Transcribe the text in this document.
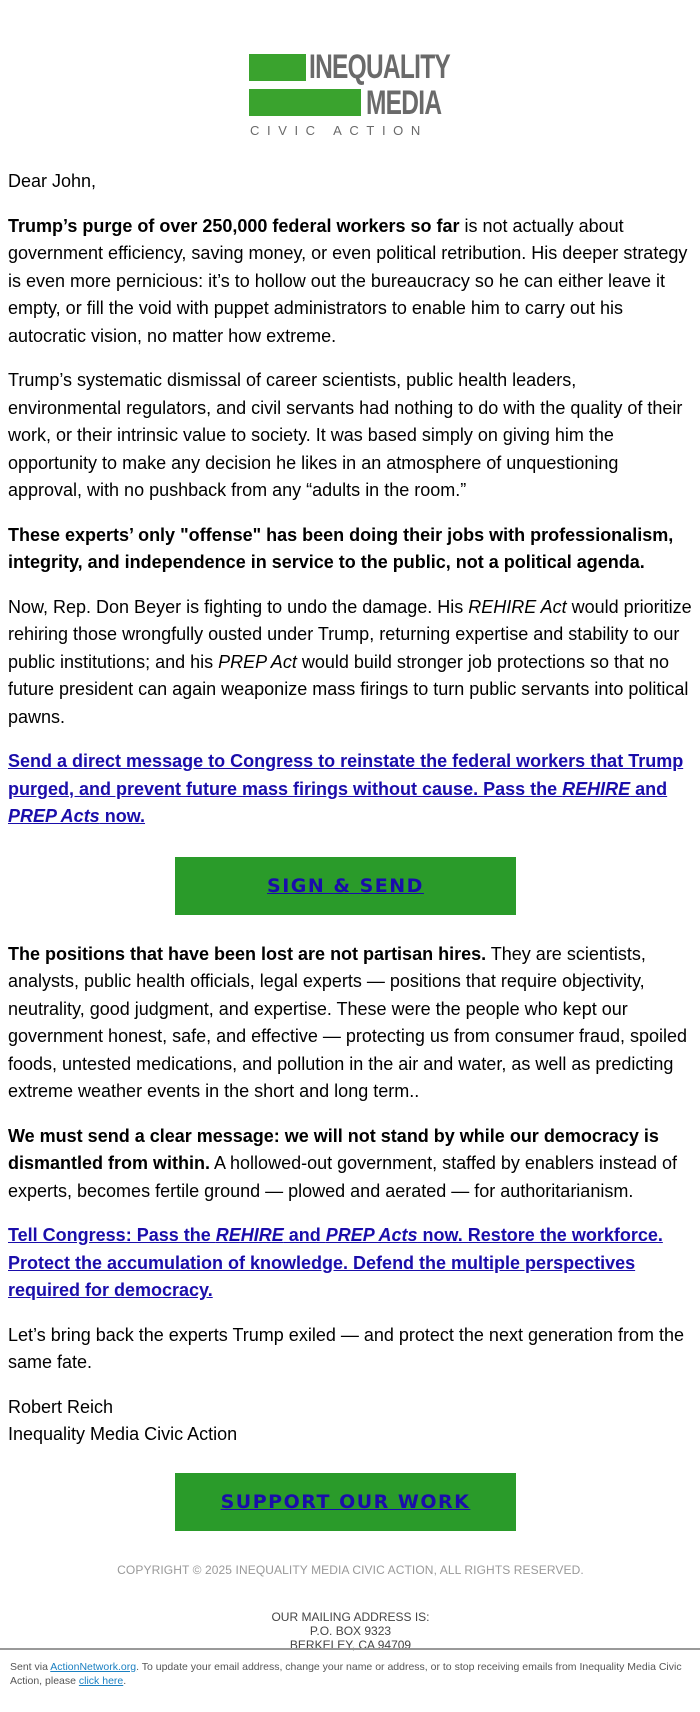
INEQUALITY
MEDIA
CIVIC ACTION

Dear John,

Trump’s purge of over 250,000 federal workers so far is not actually about government efficiency, saving money, or even political retribution. His deeper strategy is even more pernicious: it’s to hollow out the bureaucracy so he can either leave it empty, or fill the void with puppet administrators to enable him to carry out his autocratic vision, no matter how extreme.

Trump’s systematic dismissal of career scientists, public health leaders, environmental regulators, and civil servants had nothing to do with the quality of their work, or their intrinsic value to society. It was based simply on giving him the opportunity to make any decision he likes in an atmosphere of unquestioning approval, with no pushback from any “adults in the room.”

These experts’ only "offense" has been doing their jobs with professionalism, integrity, and independence in service to the public, not a political agenda.

Now, Rep. Don Beyer is fighting to undo the damage. His REHIRE Act would prioritize rehiring those wrongfully ousted under Trump, returning expertise and stability to our public institutions; and his PREP Act would build stronger job protections so that no future president can again weaponize mass firings to turn public servants into political pawns.

Send a direct message to Congress to reinstate the federal workers that Trump purged, and prevent future mass firings without cause. Pass the REHIRE and PREP Acts now.

SIGN & SEND

The positions that have been lost are not partisan hires. They are scientists, analysts, public health officials, legal experts — positions that require objectivity, neutrality, good judgment, and expertise. These were the people who kept our government honest, safe, and effective — protecting us from consumer fraud, spoiled foods, untested medications, and pollution in the air and water, as well as predicting extreme weather events in the short and long term..

We must send a clear message: we will not stand by while our democracy is dismantled from within. A hollowed-out government, staffed by enablers instead of experts, becomes fertile ground — plowed and aerated — for authoritarianism.

Tell Congress: Pass the REHIRE and PREP Acts now. Restore the workforce. Protect the accumulation of knowledge. Defend the multiple perspectives required for democracy.

Let’s bring back the experts Trump exiled — and protect the next generation from the same fate.

Robert Reich
Inequality Media Civic Action

SUPPORT OUR WORK
COPYRIGHT © 2025 INEQUALITY MEDIA CIVIC ACTION, ALL RIGHTS RESERVED.
OUR MAILING ADDRESS IS:
P.O. BOX 9323
BERKELEY, CA 94709
Sent via ActionNetwork.org. To update your email address, change your name or address, or to stop receiving emails from Inequality Media Civic Action, please click here.
